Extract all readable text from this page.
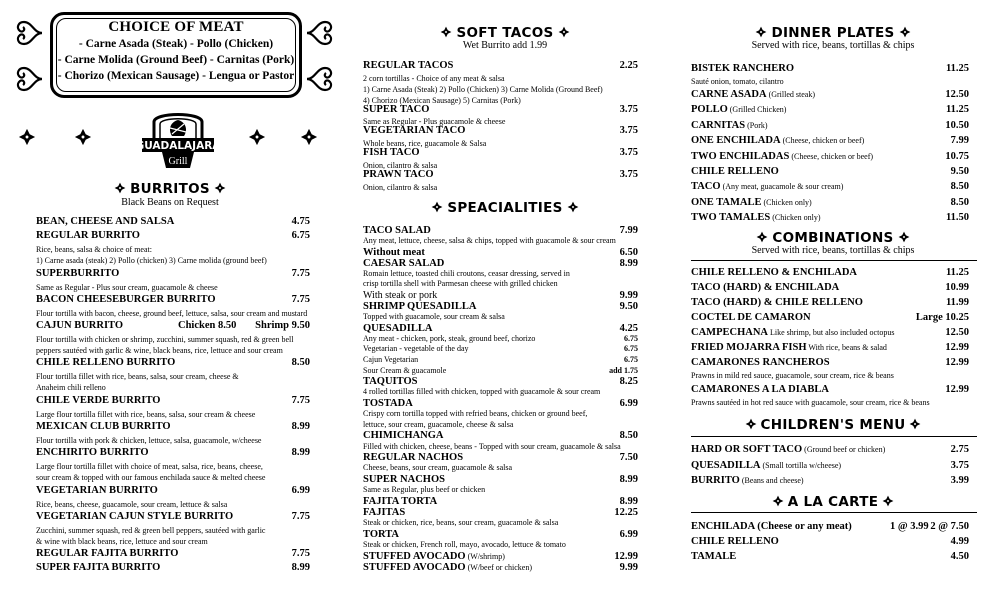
CHOICE OF MEAT
- Carne Asada (Steak) - Pollo (Chicken)
- Carne Molida (Ground Beef) - Carnitas (Pork)
- Chorizo (Mexican Sausage) - Lengua or Pastor
GUADALAJARA
Grill
BURRITOS
Black Beans on Request
BEAN, CHEESE AND SALSA	4.75
REGULAR BURRITO	6.75
Rice, beans, salsa & choice of meat:
1) Carne asada (steak) 2) Pollo (chicken) 3) Carne molida (ground beef)
SUPERBURRITO	7.75
Same as Regular - Plus sour cream, guacamole & cheese
BACON CHEESEBURGER BURRITO	7.75
Flour tortilla with bacon, cheese, ground beef, lettuce, salsa, sour cream and mustard
CAJUN BURRITO	Chicken 8.50 Shrimp 9.50
Flour tortilla with chicken or shrimp, zucchini, summer squash, red & green bell
peppers sautéed with garlic & wine, black beans, rice, lettuce and sour cream
CHILE RELLENO BURRITO	8.50
Flour tortilla fillet with rice, beans, salsa, sour cream, cheese &
Anaheim chili relleno
CHILE VERDE BURRITO	7.75
Large flour tortilla fillet with rice, beans, salsa, sour cream & cheese
MEXICAN CLUB BURRITO	8.99
Flour tortilla with pork & chicken, lettuce, salsa, guacamole, w/cheese
ENCHIRITO BURRITO	8.99
Large flour tortilla fillet with choice of meat, salsa, rice, beans, cheese,
sour cream & topped with our famous enchilada sauce & melted cheese
VEGETARIAN BURRITO	6.99
Rice, beans, cheese, guacamole, sour cream, lettuce & salsa
VEGETARIAN CAJUN STYLE BURRITO	7.75
Zucchini, summer squash, red & green bell peppers, sautéed with garlic
& wine with black beans, rice, lettuce and sour cream
REGULAR FAJITA BURRITO	7.75
SUPER FAJITA BURRITO	8.99
SOFT TACOS
Wet Burrito add 1.99
REGULAR TACOS	2.25
2 corn tortillas - Choice of any meat & salsa
1) Carne Asada (Steak) 2) Pollo (Chicken) 3) Carne Molida (Ground Beef)
4) Chorizo (Mexican Sausage) 5) Carnitas (Pork)
SUPER TACO	3.75
Same as Regular - Plus guacamole & cheese
VEGETARIAN TACO	3.75
Whole beans, rice, guacamole & Salsa
FISH TACO	3.75
Onion, cilantro & salsa
PRAWN TACO	3.75
Onion, cilantro & salsa
SPEACIALITIES
TACO SALAD	7.99
Any meat, lettuce, cheese, salsa & chips, topped with guacamole & sour cream
Without meat	6.50
CAESAR SALAD	8.99
Romain lettuce, toasted chili croutons, ceasar dressing, served in
crisp tortilla shell with Parmesan cheese with grilled chicken
With steak or pork	9.99
SHRIMP QUESADILLA	9.50
Topped with guacamole, sour cream & salsa
QUESADILLA	4.25
Any meat - chicken, pork, steak, ground beef, chorizo	6.75
Vegetarian - vegetable of the day	6.75
Cajun Vegetarian	6.75
Sour Cream & guacamole	add 1.75
TAQUITOS	8.25
4 rolled tortillas filled with chicken, topped with guacamole & sour cream
TOSTADA	6.99
Crispy corn tortilla topped with refried beans, chicken or ground beef,
lettuce, sour cream, guacamole, cheese & salsa
CHIMICHANGA	8.50
Filled with chicken, cheese, beans - Topped with sour cream, guacamole & salsa
REGULAR NACHOS	7.50
Cheese, beans, sour cream, guacamole & salsa
SUPER NACHOS	8.99
Same as Regular, plus beef or chicken
FAJITA TORTA	8.99
FAJITAS	12.25
Steak or chicken, rice, beans, sour cream, guacamole & salsa
TORTA	6.99
Steak or chicken, French roll, mayo, avocado, lettuce & tomato
STUFFED AVOCADO (W/shrimp)	12.99
STUFFED AVOCADO (W/beef or chicken)	9.99
DINNER PLATES
Served with rice, beans, tortillas & chips
BISTEK RANCHERO	11.25
Sauté onion, tomato, cilantro
CARNE ASADA (Grilled steak)	12.50
POLLO (Grilled Chicken)	11.25
CARNITAS (Pork)	10.50
ONE ENCHILADA (Cheese, chicken or beef)	7.99
TWO ENCHILADAS (Cheese, chicken or beef)	10.75
CHILE RELLENO	9.50
TACO (Any meat, guacamole & sour cream)	8.50
ONE TAMALE (Chicken only)	8.50
TWO TAMALES (Chicken only)	11.50
COMBINATIONS
Served with rice, beans, tortillas & chips
CHILE RELLENO & ENCHILADA	11.25
TACO (HARD) & ENCHILADA	10.99
TACO (HARD) & CHILE RELLENO	11.99
COCTEL DE CAMARON	Large 10.25
CAMPECHANA Like shrimp, but also included octopus	12.50
FRIED MOJARRA FISH With rice, beans & salad	12.99
CAMARONES RANCHEROS	12.99
Prawns in mild red sauce, guacamole, sour cream, rice & beans
CAMARONES A LA DIABLA	12.99
Prawns sautéed in hot red sauce with guacamole, sour cream, rice & beans
CHILDREN'S MENU
HARD OR SOFT TACO (Ground beef or chicken)	2.75
QUESADILLA (Small tortilla w/cheese)	3.75
BURRITO (Beans and cheese)	3.99
A LA CARTE
ENCHILADA (Cheese or any meat)	1 @ 3.99 2 @ 7.50
CHILE RELLENO	4.99
TAMALE	4.50
